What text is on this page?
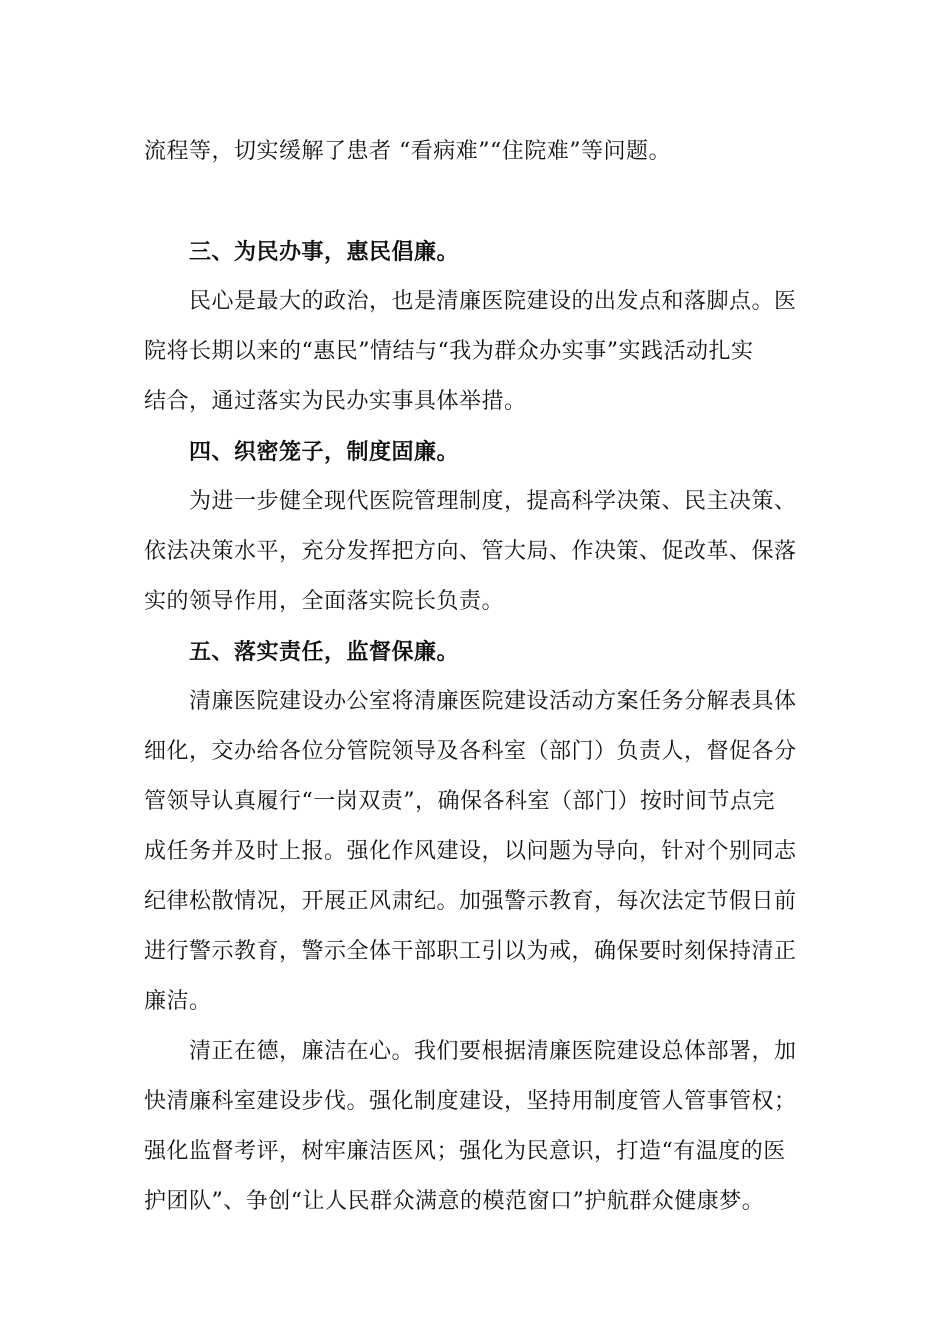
流程等，切实缓解了患者 “看病难”“住院难”等问题。
三、为民办事，惠民倡廉。
民心是最大的政治，也是清廉医院建设的出发点和落脚点。医
院将长期以来的“惠民”情结与“我为群众办实事”实践活动扎实
结合，通过落实为民办实事具体举措。
四、织密笼子，制度固廉。
为进一步健全现代医院管理制度，提高科学决策、民主决策、
依法决策水平，充分发挥把方向、管大局、作决策、促改革、保落
实的领导作用，全面落实院长负责。
五、落实责任，监督保廉。
清廉医院建设办公室将清廉医院建设活动方案任务分解表具体
细化，交办给各位分管院领导及各科室（部门）负责人，督促各分
管领导认真履行“一岗双责”，确保各科室（部门）按时间节点完
成任务并及时上报。强化作风建设，以问题为导向，针对个别同志
纪律松散情况，开展正风肃纪。加强警示教育，每次法定节假日前
进行警示教育，警示全体干部职工引以为戒，确保要时刻保持清正
廉洁。
清正在德，廉洁在心。我们要根据清廉医院建设总体部署，加
快清廉科室建设步伐。强化制度建设，坚持用制度管人管事管权；
强化监督考评，树牢廉洁医风；强化为民意识，打造“有温度的医
护团队”、争创“让人民群众满意的模范窗口”护航群众健康梦。
